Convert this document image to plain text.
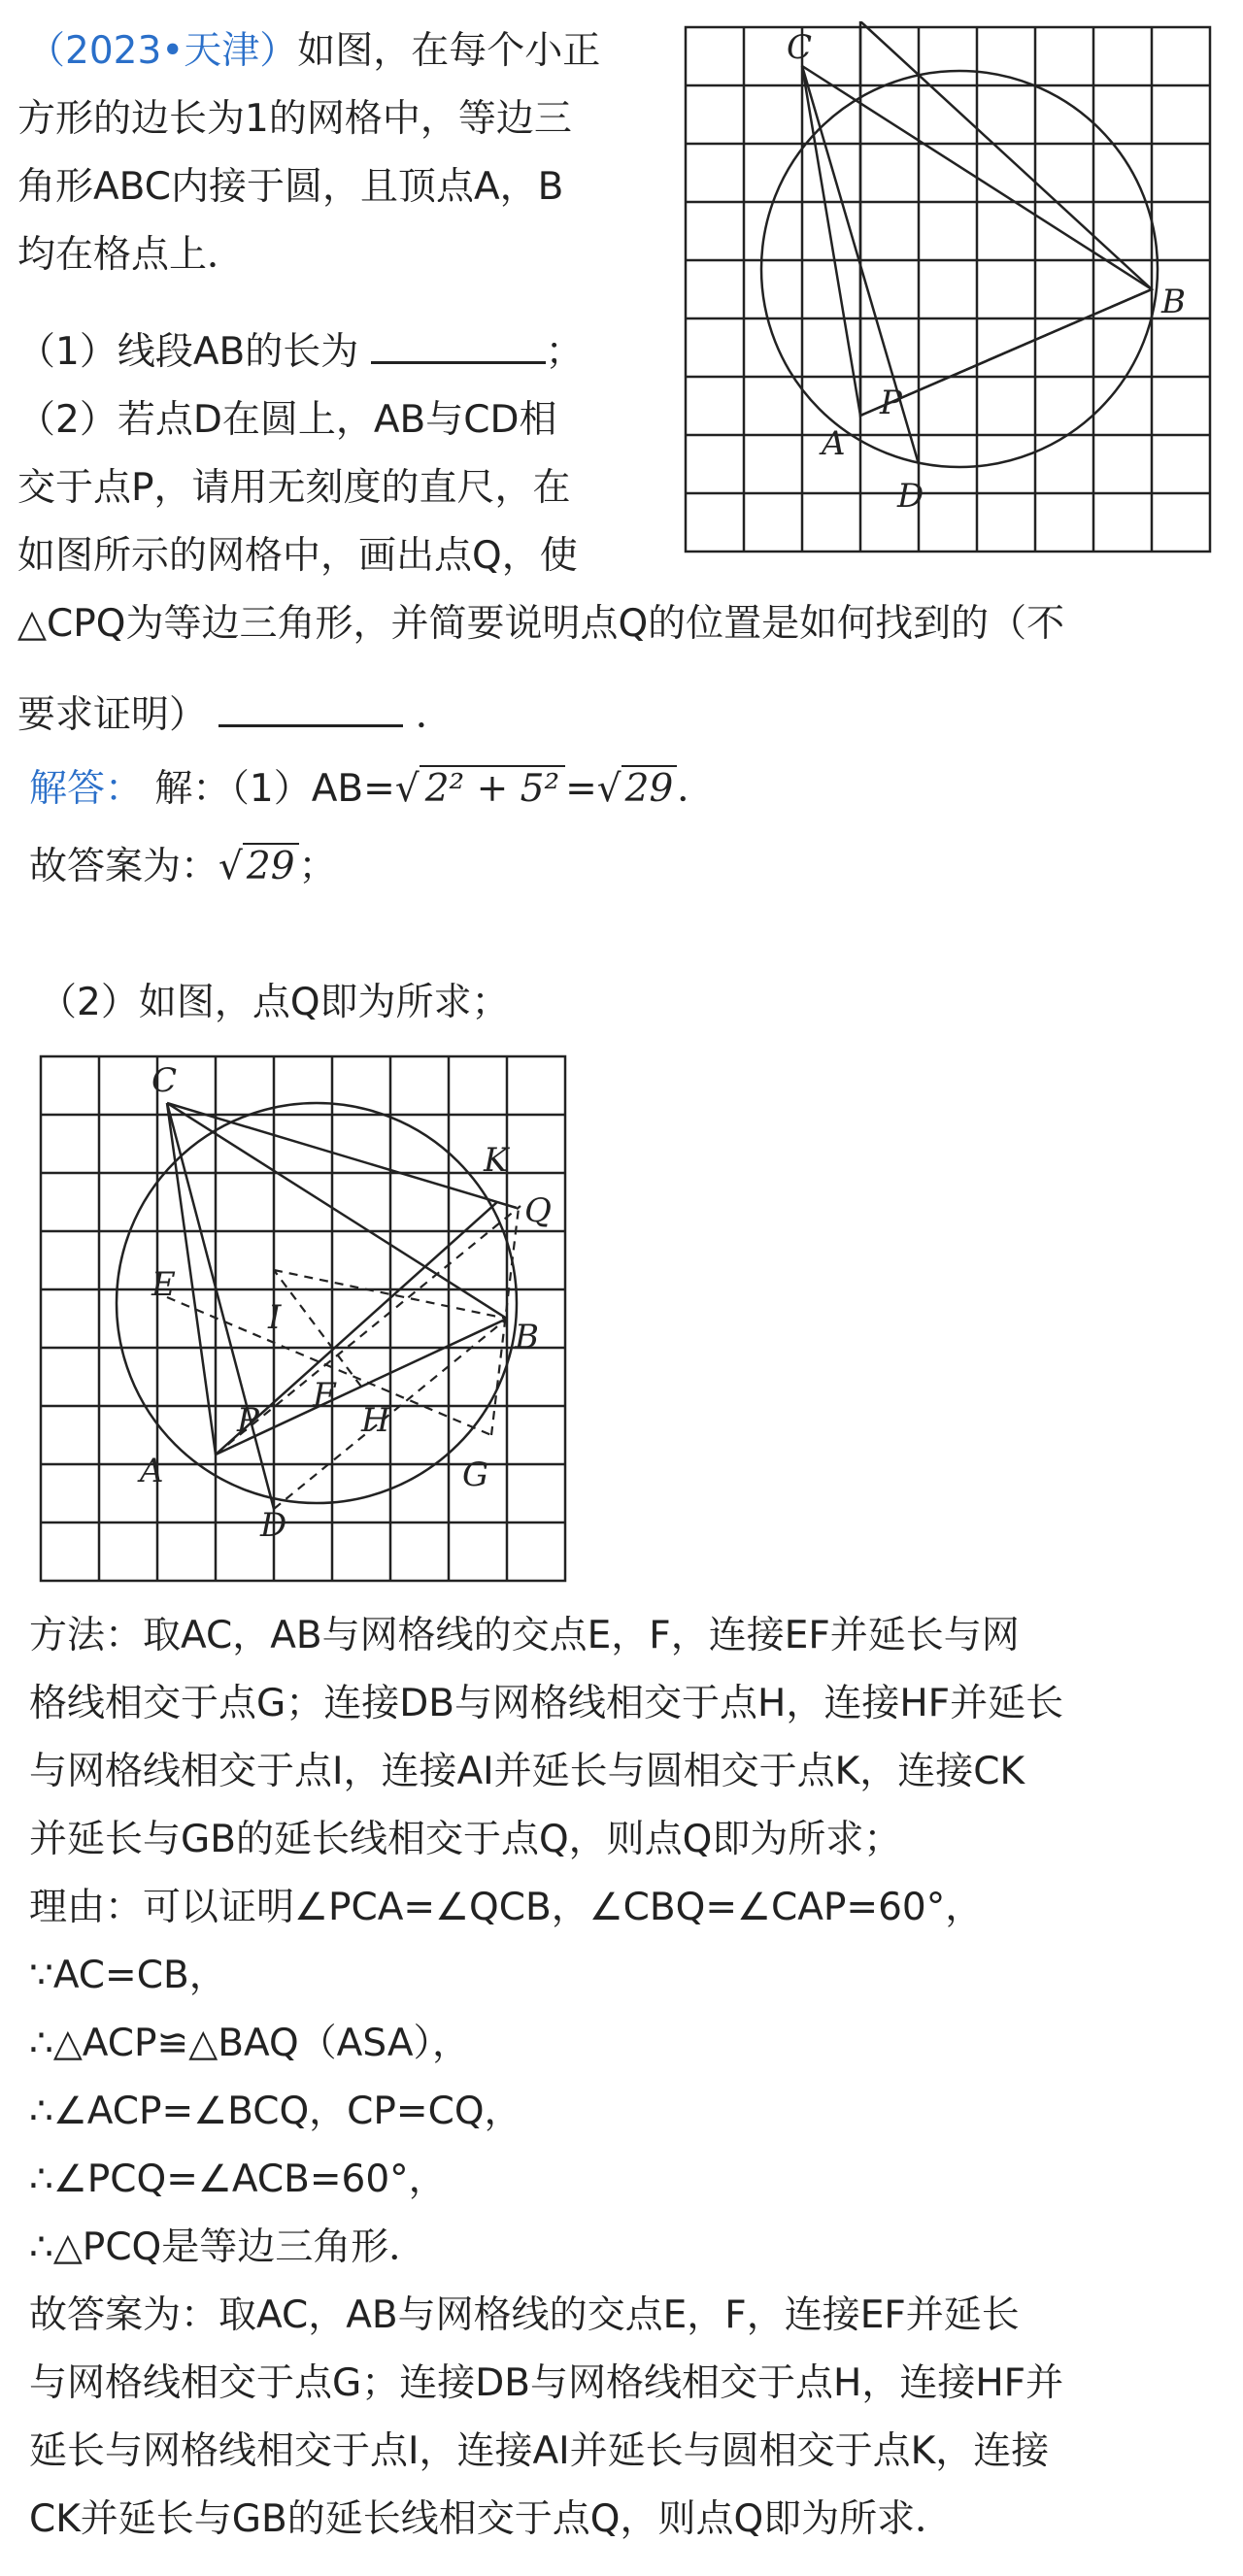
（2023•天津）如图，在每个小正
方形的边长为1的网格中，等边三
角形ABC内接于圆，且顶点A，B
均在格点上．
（1）线段AB的长为	；
（2）若点D在圆上，AB与CD相
交于点P，请用无刻度的直尺，在
如图所示的网格中，画出点Q，使
△CPQ为等边三角形，并简要说明点Q的位置是如何找到的（不
要求证明）	．
C
B
A
P
D
解答： 解：（1）AB=√ 2² + 5² =√ 29 ．
故答案为：√ 29 ；
（2）如图，点Q即为所求；
C
K
Q
E
I	B
F
H
P
A	G
D
方法：取AC，AB与网格线的交点E，F，连接EF并延长与网
格线相交于点G；连接DB与网格线相交于点H，连接HF并延长
与网格线相交于点I，连接AI并延长与圆相交于点K，连接CK
并延长与GB的延长线相交于点Q，则点Q即为所求；
理由：可以证明∠PCA=∠QCB，∠CBQ=∠CAP=60°，
∵AC=CB，
∴△ACP≌△BAQ（ASA），
∴∠ACP=∠BCQ，CP=CQ，
∴∠PCQ=∠ACB=60°，
∴△PCQ是等边三角形．
故答案为：取AC，AB与网格线的交点E，F，连接EF并延长
与网格线相交于点G；连接DB与网格线相交于点H，连接HF并
延长与网格线相交于点I，连接AI并延长与圆相交于点K，连接
CK并延长与GB的延长线相交于点Q，则点Q即为所求．
